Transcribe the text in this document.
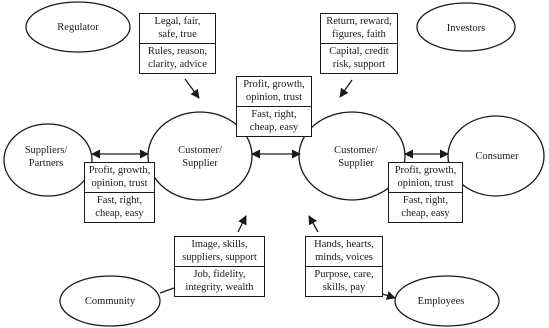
Regulator	Investors
Suppliers/ Partners
Customer/ Supplier
Customer/ Supplier
Consumer
Community	Employees
Legal, fair,
safe, true
Rules, reason,
clarity, advice
Return, reward,
figures, faith
Capital, credit
risk, support
Profit, growth,
opinion, trust
Fast, right,
cheap, easy
Profit, growth,
opinion, trust
Fast, right,
cheap, easy
Profit, growth,
opinion, trust
Fast, right,
cheap, easy
Image, skills,
suppliers, support
Job, fidelity,
integrity, wealth
Hands, hearts,
minds, voices
Purpose, care,
skills, pay
